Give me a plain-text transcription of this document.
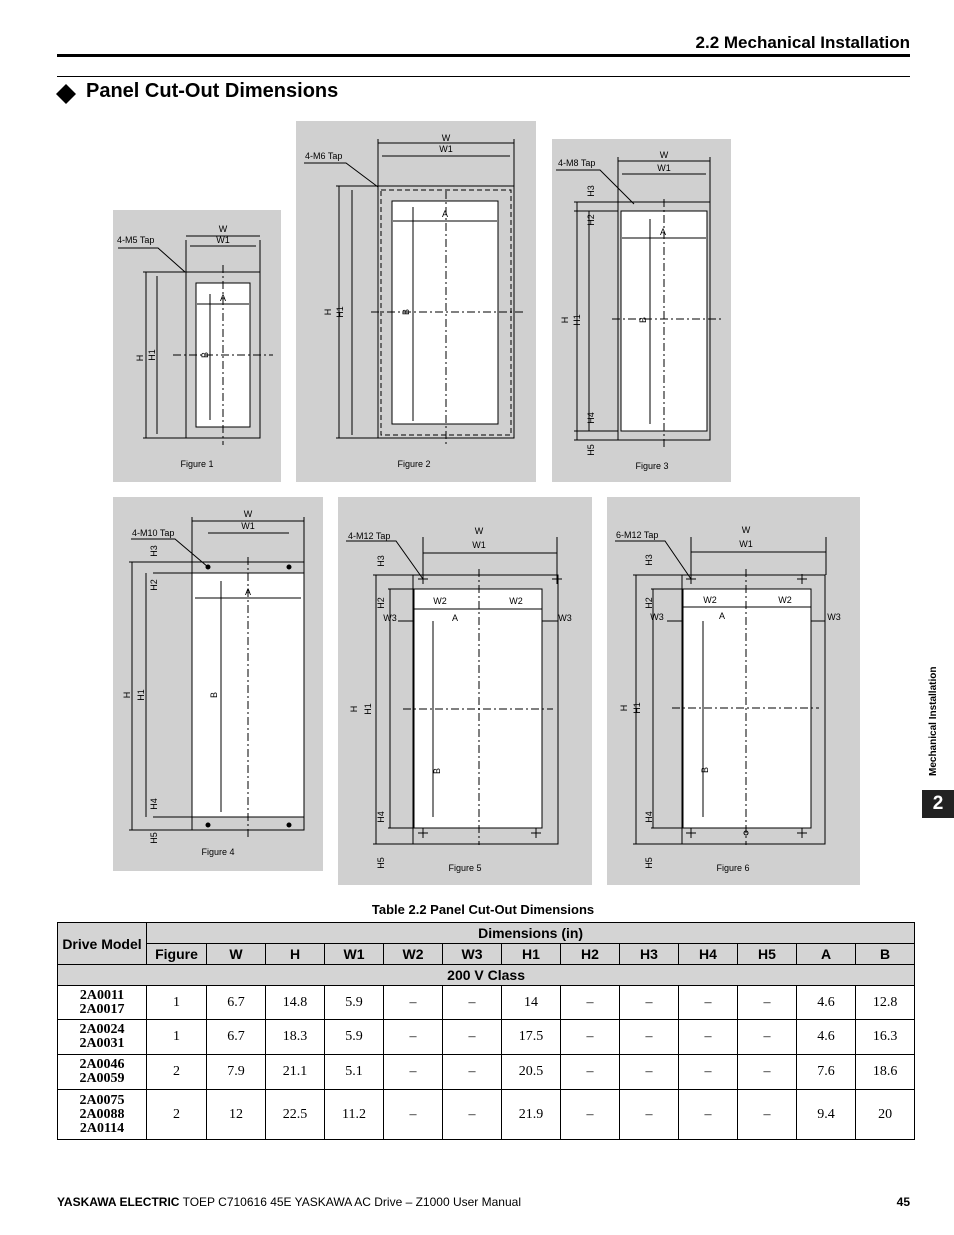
2.2 Mechanical Installation
Panel Cut-Out Dimensions
W
W1
A
4-M5 Tap
H H1	B
Figure 1
W
W1
A
4-M6 Tap
H H1	B
Figure 2
W
W1
A
4-M8 Tap
H3
H2
H H1	B
H4
H5
Figure 3
W
W1
A
4-M10 Tap
H3
H2
H H1	B
H4
H5
Figure 4
W
W1
W2	W2
W3	W3
A
4-M12 Tap
H3
H2
H H1
B
H4
H5	Figure 5
W
W1
W2	W2
W3	W3
A
6-M12 Tap
H3
H2
H H1
B
H4
H5	Figure 6
Table 2.2 Panel Cut-Out Dimensions
Drive Model	Dimensions (in)												
	Figure	W	H	W1	W2	W3	H1	H2	H3	H4	H5	A	B
200 V Class													

2A0011
2A0017	1	6.7	14.8	5.9	–	–	14	–	–	–	–	4.6	12.8

2A0024
2A0031	1	6.7	18.3	5.9	–	–	17.5	–	–	–	–	4.6	16.3

2A0046
2A0059	2	7.9	21.1	5.1	–	–	20.5	–	–	–	–	7.6	18.6

2A0075
2A0088
2A0114	2	12	22.5	11.2	–	–	21.9	–	–	–	–	9.4	20
Mechanical Installation
2
YASKAWA ELECTRIC TOEP C710616 45E YASKAWA AC Drive – Z1000 User Manual	45
